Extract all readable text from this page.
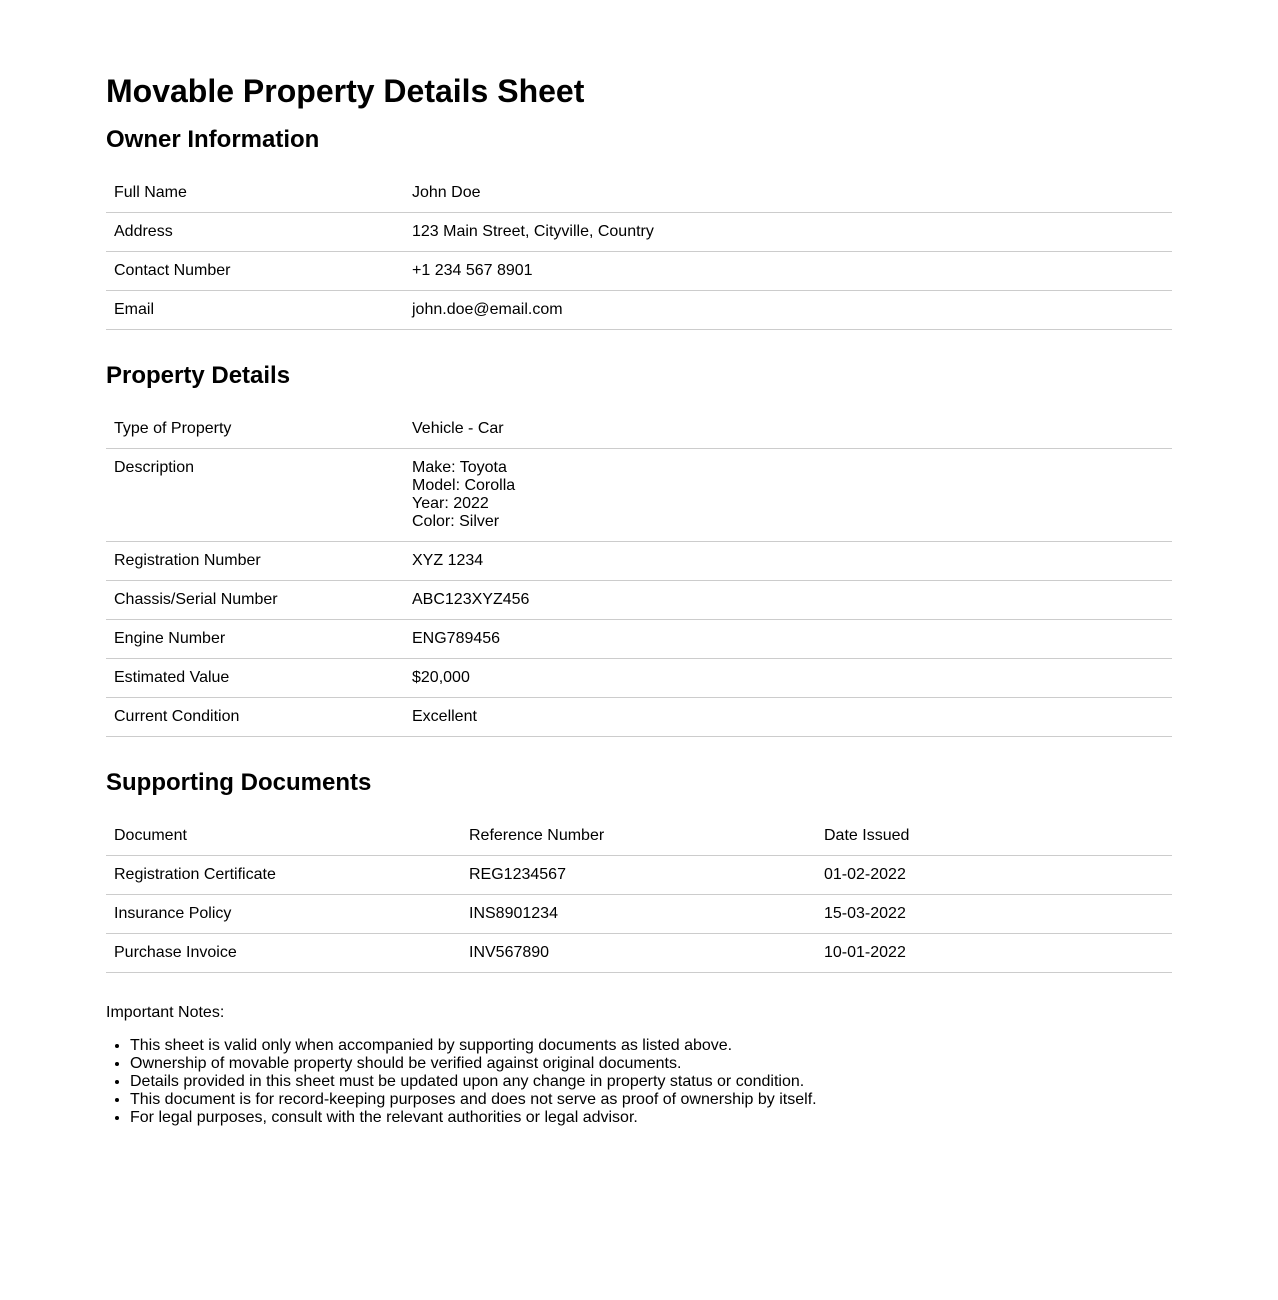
Movable Property Details Sheet
Owner Information
Full Name	John Doe
Address	123 Main Street, Cityville, Country
Contact Number	+1 234 567 8901
Email	john.doe@email.com
Property Details
Type of Property	Vehicle - Car
Description	Make: Toyota
Model: Corolla
Year: 2022
Color: Silver

Registration Number	XYZ 1234
Chassis/Serial Number	ABC123XYZ456
Engine Number	ENG789456
Estimated Value	$20,000
Current Condition	Excellent
Supporting Documents
Document	Reference Number	Date Issued
Registration Certificate	REG1234567	01-02-2022
Insurance Policy	INS8901234	15-03-2022
Purchase Invoice	INV567890	10-01-2022
Important Notes:
• This sheet is valid only when accompanied by supporting documents as listed above.
• Ownership of movable property should be verified against original documents.
• Details provided in this sheet must be updated upon any change in property status or condition.
• This document is for record-keeping purposes and does not serve as proof of ownership by itself.
• For legal purposes, consult with the relevant authorities or legal advisor.
